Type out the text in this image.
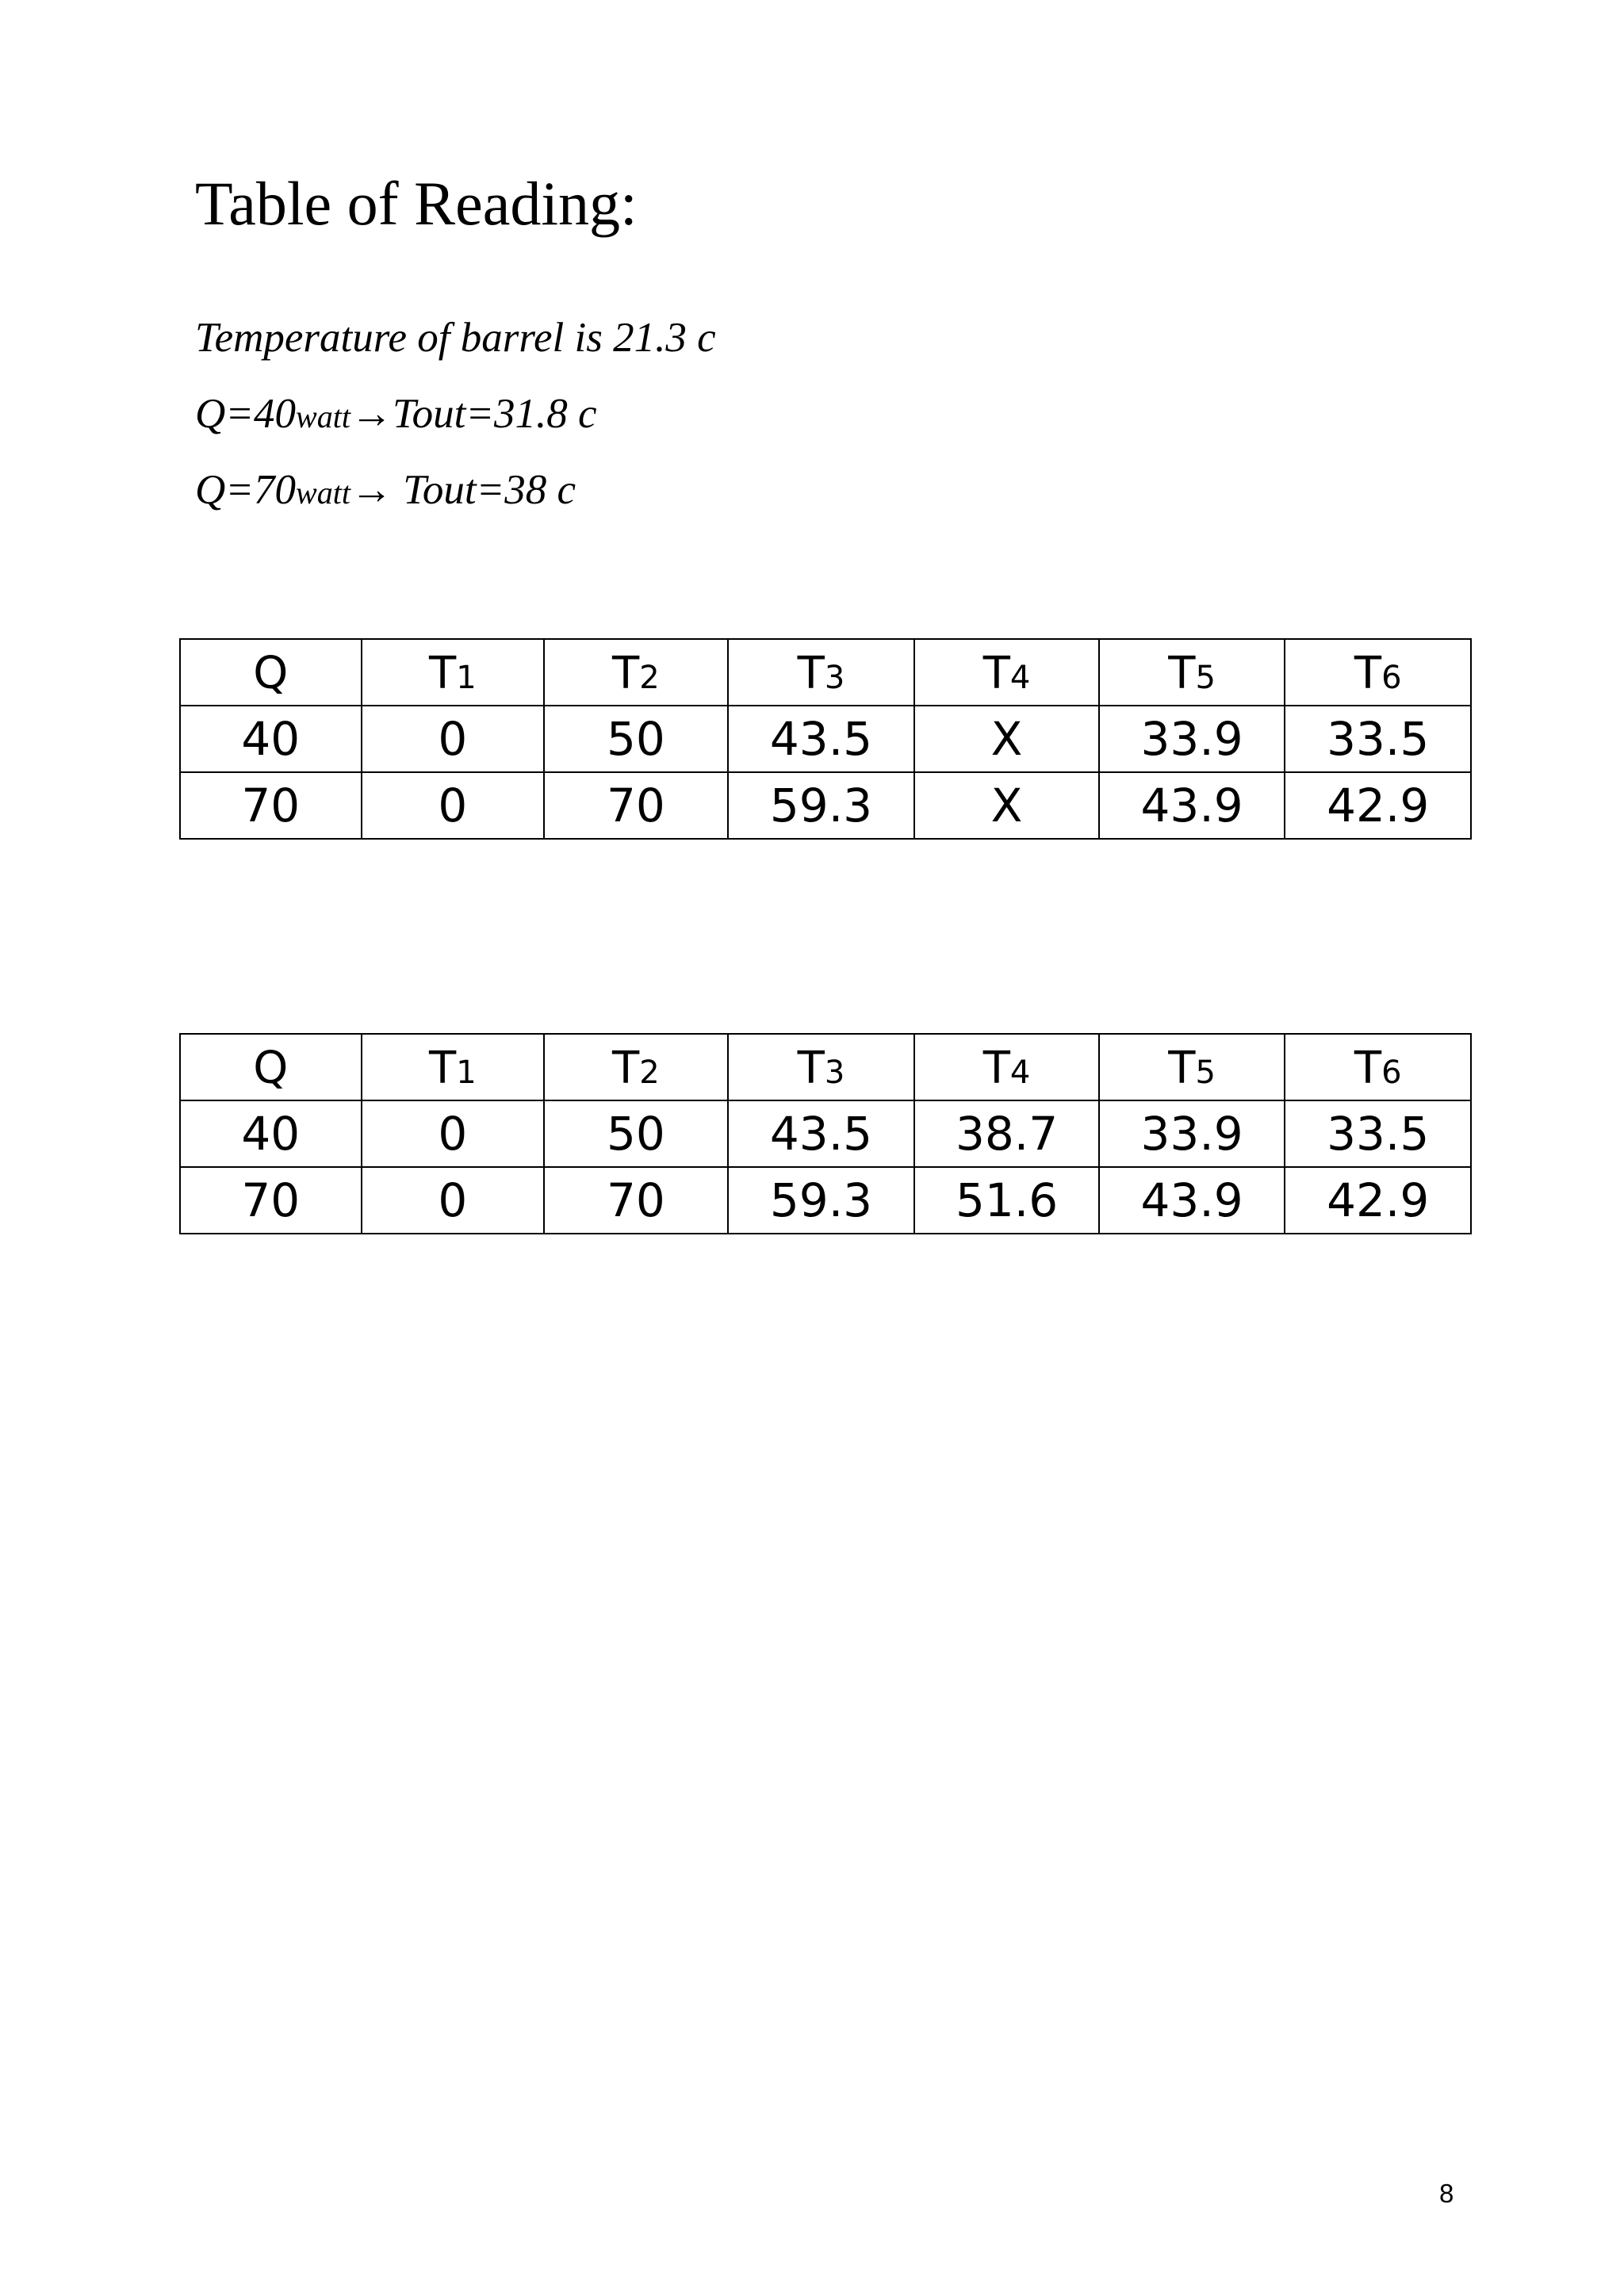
Table of Reading:
Temperature of barrel is 21.3 c
Q=40watt→Tout=31.8 c
Q=70watt→ Tout=38 c
Q	T1	T2	T3	T4	T5	T6
40	0	50	43.5	X	33.9	33.5
70	0	70	59.3	X	43.9	42.9
Q	T1	T2	T3	T4	T5	T6
40	0	50	43.5	38.7	33.9	33.5
70	0	70	59.3	51.6	43.9	42.9
8
